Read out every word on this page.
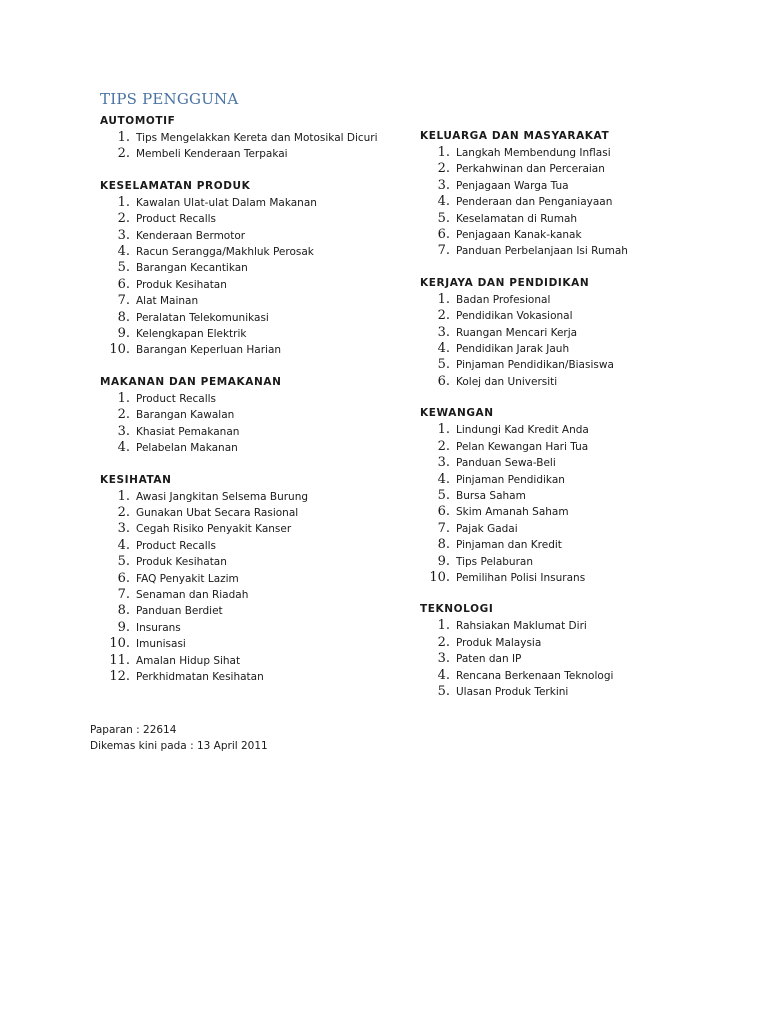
TIPS PENGGUNA
AUTOMOTIF
1. Tips Mengelakkan Kereta dan Motosikal Dicuri
2. Membeli Kenderaan Terpakai
KESELAMATAN PRODUK
1. Kawalan Ulat-ulat Dalam Makanan
2. Product Recalls
3. Kenderaan Bermotor
4. Racun Serangga/Makhluk Perosak
5. Barangan Kecantikan
6. Produk Kesihatan
7. Alat Mainan
8. Peralatan Telekomunikasi
9. Kelengkapan Elektrik
10. Barangan Keperluan Harian
MAKANAN DAN PEMAKANAN
1. Product Recalls
2. Barangan Kawalan
3. Khasiat Pemakanan
4. Pelabelan Makanan
KESIHATAN
1. Awasi Jangkitan Selsema Burung
2. Gunakan Ubat Secara Rasional
3. Cegah Risiko Penyakit Kanser
4. Product Recalls
5. Produk Kesihatan
6. FAQ Penyakit Lazim
7. Senaman dan Riadah
8. Panduan Berdiet
9. Insurans
10. Imunisasi
11. Amalan Hidup Sihat
12. Perkhidmatan Kesihatan
KELUARGA DAN MASYARAKAT
1. Langkah Membendung Inflasi
2. Perkahwinan dan Perceraian
3. Penjagaan Warga Tua
4. Penderaan dan Penganiayaan
5. Keselamatan di Rumah
6. Penjagaan Kanak-kanak
7. Panduan Perbelanjaan Isi Rumah
KERJAYA DAN PENDIDIKAN
1. Badan Profesional
2. Pendidikan Vokasional
3. Ruangan Mencari Kerja
4. Pendidikan Jarak Jauh
5. Pinjaman Pendidikan/Biasiswa
6. Kolej dan Universiti
KEWANGAN
1. Lindungi Kad Kredit Anda
2. Pelan Kewangan Hari Tua
3. Panduan Sewa-Beli
4. Pinjaman Pendidikan
5. Bursa Saham
6. Skim Amanah Saham
7. Pajak Gadai
8. Pinjaman dan Kredit
9. Tips Pelaburan
10. Pemilihan Polisi Insurans
TEKNOLOGI
1. Rahsiakan Maklumat Diri
2. Produk Malaysia
3. Paten dan IP
4. Rencana Berkenaan Teknologi
5. Ulasan Produk Terkini
Paparan : 22614
Dikemas kini pada : 13 April 2011
